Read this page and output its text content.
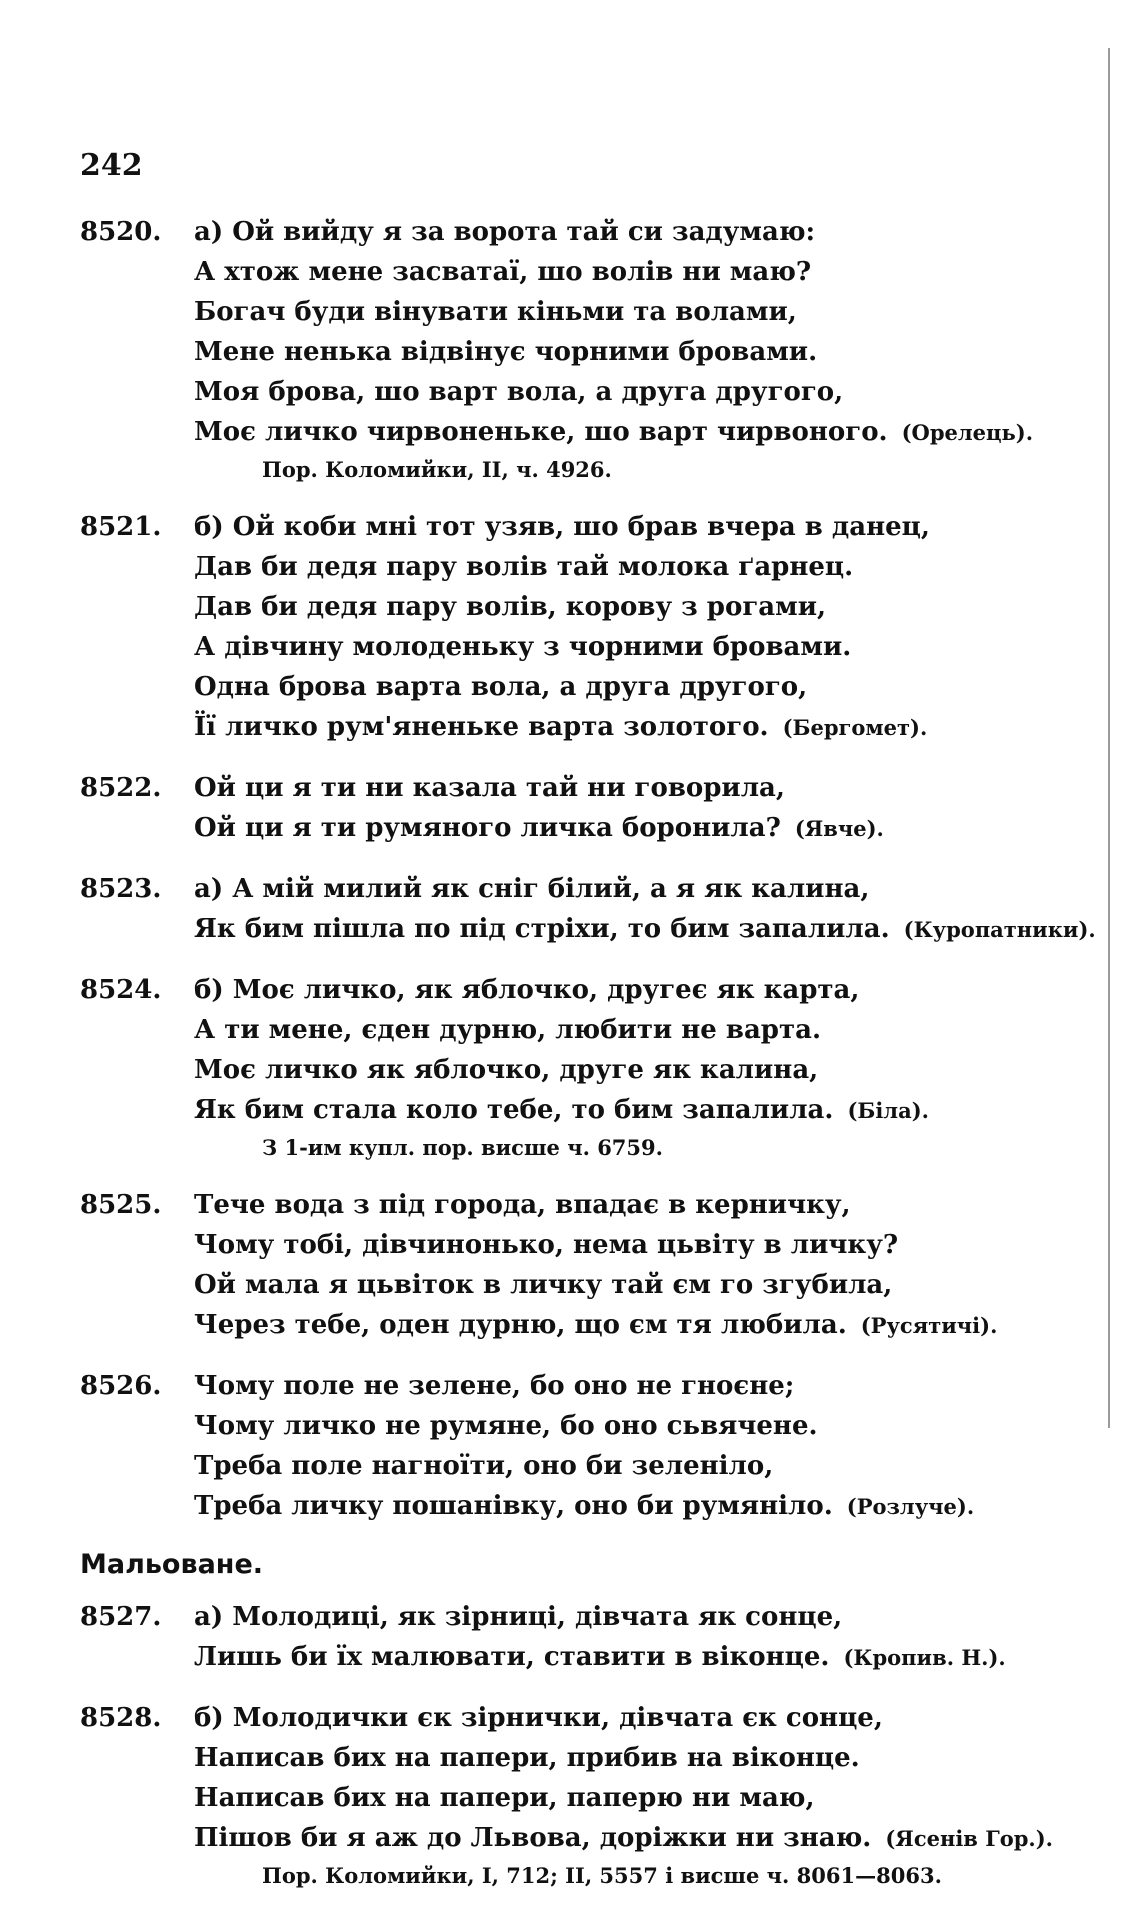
242
8520.	а) Ой вийду я за ворота тай си задумаю:
А хтож мене засватаї, шо волів ни маю?
Богач буди вінувати кіньми та волами,
Мене ненька відвінує чорними бровами.
Моя брова, шо варт вола, а друга другого,
Моє личко чирвоненьке, шо варт чирвоного. (Орелець).
Пор. Коломийки, II, ч. 4926.
8521.	б) Ой коби мні тот узяв, шо брав вчера в данец,
Дав би дедя пару волів тай молока ґарнец.
Дав би дедя пару волів, корову з рогами,
А дівчину молоденьку з чорними бровами.
Одна брова варта вола, а друга другого,
Її личко рум'яненьке варта золотого. (Бергомет).
8522.	Ой ци я ти ни казала тай ни говорила,
Ой ци я ти румяного личка боронила? (Явче).
8523.	а) А мій милий як сніг білий, а я як калина,
Як бим пішла по під стріхи, то бим запалила. (Куропатники).
8524.	б) Моє личко, як яблочко, другеє як карта,
А ти мене, єден дурню, любити не варта.
Моє личко як яблочко, друге як калина,
Як бим стала коло тебе, то бим запалила. (Біла).
З 1-им купл. пор. висше ч. 6759.
8525.	Тече вода з під города, впадає в керничку,
Чому тобі, дівчинонько, нема цьвіту в личку?
Ой мала я цьвіток в личку тай єм го згубила,
Через тебе, оден дурню, що єм тя любила. (Русятичі).
8526.	Чому поле не зелене, бо оно не гноєне;
Чому личко не румяне, бо оно сьвячене.
Треба поле нагноїти, оно би зеленіло,
Треба личку пошанівку, оно би румяніло. (Розлуче).
Мальоване.
8527.	а) Молодиці, як зірниці, дівчата як сонце,
Лишь би їх малювати, ставити в віконце. (Кропив. Н.).
8528.	б) Молодички єк зірнички, дівчата єк сонце,
Написав бих на папери, прибив на віконце.
Написав бих на папери, паперю ни маю,
Пішов би я аж до Львова, доріжки ни знаю. (Ясенів Гор.).
Пор. Коломийки, I, 712; II, 5557 і висше ч. 8061—8063.
